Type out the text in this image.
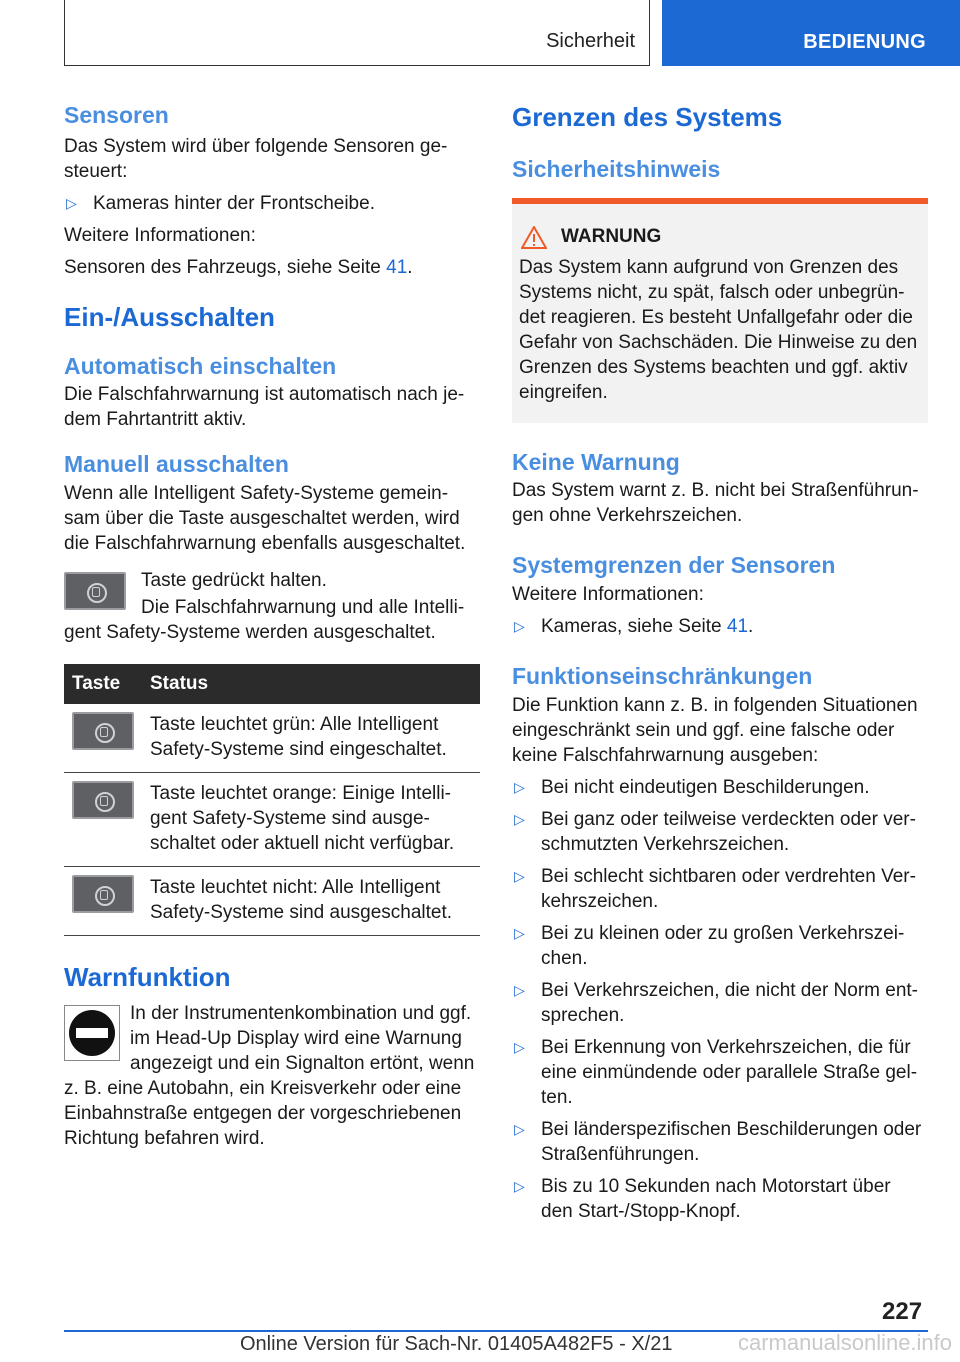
Sicherheit	BEDIENUNG
Sensoren
Das System wird über folgende Sensoren ge-
steuert:
▷ Kameras hinter der Frontscheibe.
Weitere Informationen:
Sensoren des Fahrzeugs, siehe Seite 41.
Ein-/Ausschalten
Automatisch einschalten
Die Falschfahrwarnung ist automatisch nach je-
dem Fahrtantritt aktiv.
Manuell ausschalten
Wenn alle Intelligent Safety-Systeme gemein-
sam über die Taste ausgeschaltet werden, wird
die Falschfahrwarnung ebenfalls ausgeschaltet.
Taste gedrückt halten.
Die Falschfahrwarnung und alle Intelli-
gent Safety-Systeme werden ausgeschaltet.
Taste	Status

	Taste leuchtet grün: Alle Intelligent
Safety-Systeme sind eingeschaltet.

	Taste leuchtet orange: Einige Intelli-
gent Safety-Systeme sind ausge-
schaltet oder aktuell nicht verfügbar.

	Taste leuchtet nicht: Alle Intelligent
Safety-Systeme sind ausgeschaltet.
Warnfunktion
In der Instrumentenkombination und ggf.
im Head-Up Display wird eine Warnung
angezeigt und ein Signalton ertönt, wenn
z. B. eine Autobahn, ein Kreisverkehr oder eine
Einbahnstraße entgegen der vorgeschriebenen
Richtung befahren wird.
Grenzen des Systems
Sicherheitshinweis
WARNUNG
Das System kann aufgrund von Grenzen des
Systems nicht, zu spät, falsch oder unbegrün-
det reagieren. Es besteht Unfallgefahr oder die
Gefahr von Sachschäden. Die Hinweise zu den
Grenzen des Systems beachten und ggf. aktiv
eingreifen.
Keine Warnung
Das System warnt z. B. nicht bei Straßenführun-
gen ohne Verkehrszeichen.
Systemgrenzen der Sensoren
Weitere Informationen:
▷ Kameras, siehe Seite 41.
Funktionseinschränkungen
Die Funktion kann z. B. in folgenden Situationen
eingeschränkt sein und ggf. eine falsche oder
keine Falschfahrwarnung ausgeben:
▷ Bei nicht eindeutigen Beschilderungen.
▷ Bei ganz oder teilweise verdeckten oder ver-
schmutzten Verkehrszeichen.
▷ Bei schlecht sichtbaren oder verdrehten Ver-
kehrszeichen.
▷ Bei zu kleinen oder zu großen Verkehrszei-
chen.
▷ Bei Verkehrszeichen, die nicht der Norm ent-
sprechen.
▷ Bei Erkennung von Verkehrszeichen, die für
eine einmündende oder parallele Straße gel-
ten.
▷ Bei länderspezifischen Beschilderungen oder
Straßenführungen.
▷ Bis zu 10 Sekunden nach Motorstart über
den Start-/Stopp-Knopf.
227
Online Version für Sach-Nr. 01405A482F5 - X/21	carmanualsonline.info
